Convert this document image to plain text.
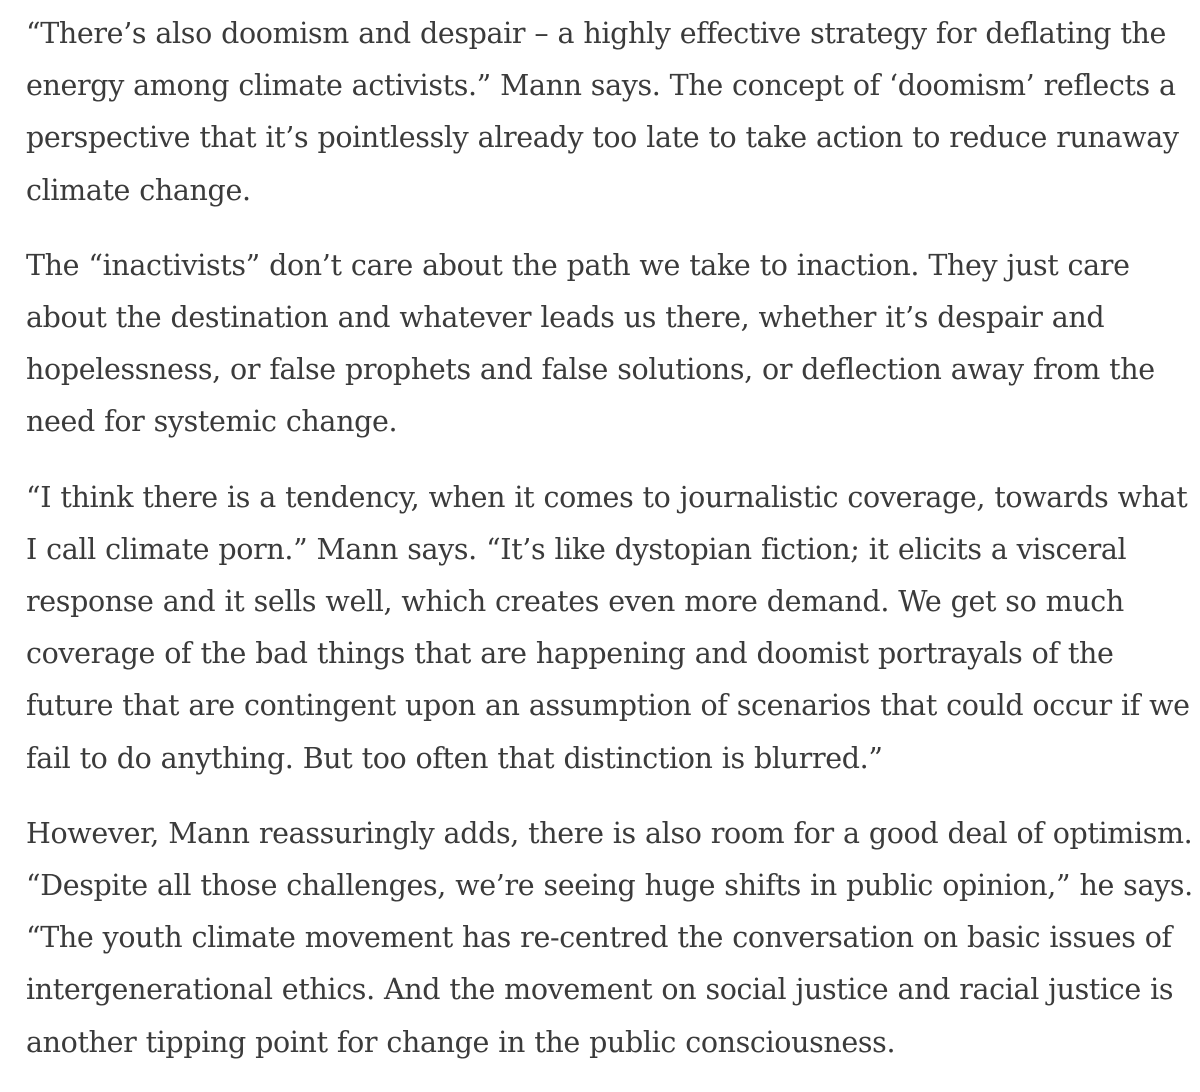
“There’s also doomism and despair – a highly effective strategy for deflating the energy among climate activists.” Mann says. The concept of ‘doomism’ reflects a perspective that it’s pointlessly already too late to take action to reduce runaway climate change.

The “inactivists” don’t care about the path we take to inaction. They just care about the destination and whatever leads us there, whether it’s despair and hopelessness, or false prophets and false solutions, or deflection away from the need for systemic change.

“I think there is a tendency, when it comes to journalistic coverage, towards what I call climate porn.” Mann says. “It’s like dystopian fiction; it elicits a visceral response and it sells well, which creates even more demand. We get so much coverage of the bad things that are happening and doomist portrayals of the future that are contingent upon an assumption of scenarios that could occur if we fail to do anything. But too often that distinction is blurred.”

However, Mann reassuringly adds, there is also room for a good deal of optimism. “Despite all those challenges, we’re seeing huge shifts in public opinion,” he says. “The youth climate movement has re-centred the conversation on basic issues of intergenerational ethics. And the movement on social justice and racial justice is another tipping point for change in the public consciousness.
